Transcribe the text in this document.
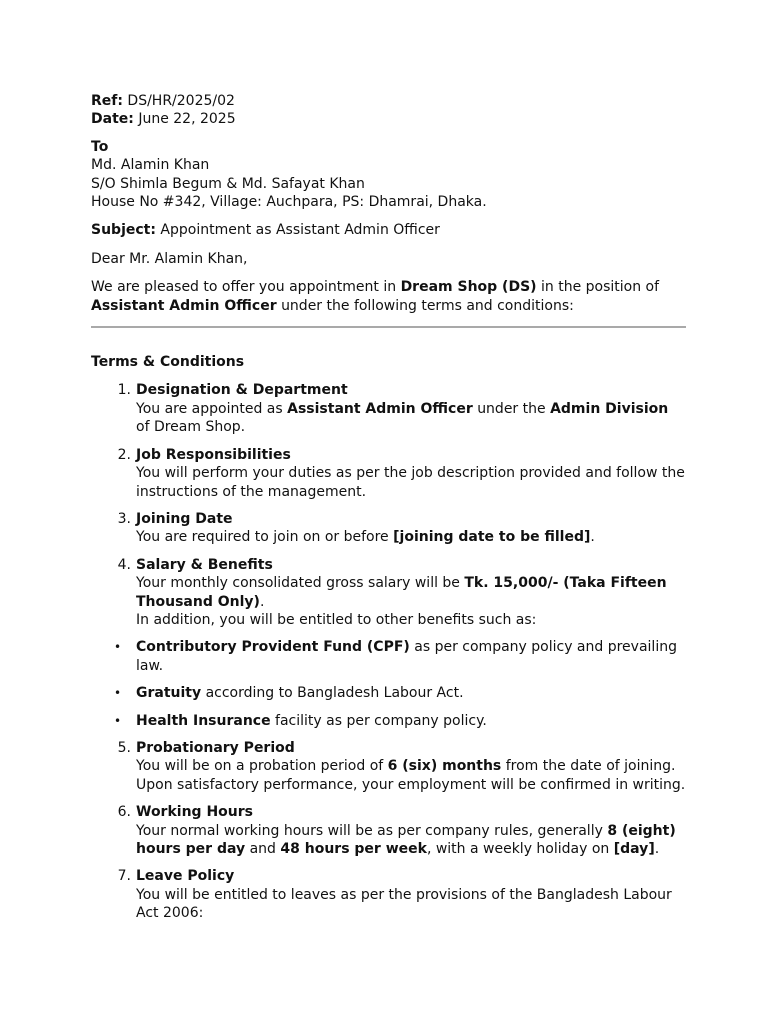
Ref: DS/HR/2025/02
Date: June 22, 2025
To
Md. Alamin Khan
S/O Shimla Begum & Md. Safayat Khan
House No #342, Village: Auchpara, PS: Dhamrai, Dhaka.
Subject: Appointment as Assistant Admin Officer
Dear Mr. Alamin Khan,
We are pleased to offer you appointment in Dream Shop (DS) in the position of
Assistant Admin Officer under the following terms and conditions:
Terms & Conditions
1. Designation & Department
You are appointed as Assistant Admin Officer under the Admin Division
of Dream Shop.
2. Job Responsibilities
You will perform your duties as per the job description provided and follow the
instructions of the management.
3. Joining Date
You are required to join on or before [joining date to be filled].
4. Salary & Benefits
Your monthly consolidated gross salary will be Tk. 15,000/- (Taka Fifteen
Thousand Only).
In addition, you will be entitled to other benefits such as:
• Contributory Provident Fund (CPF) as per company policy and prevailing
law.
• Gratuity according to Bangladesh Labour Act.
• Health Insurance facility as per company policy.
5. Probationary Period
You will be on a probation period of 6 (six) months from the date of joining.
Upon satisfactory performance, your employment will be confirmed in writing.
6. Working Hours
Your normal working hours will be as per company rules, generally 8 (eight)
hours per day and 48 hours per week, with a weekly holiday on [day].
7. Leave Policy
You will be entitled to leaves as per the provisions of the Bangladesh Labour
Act 2006:
